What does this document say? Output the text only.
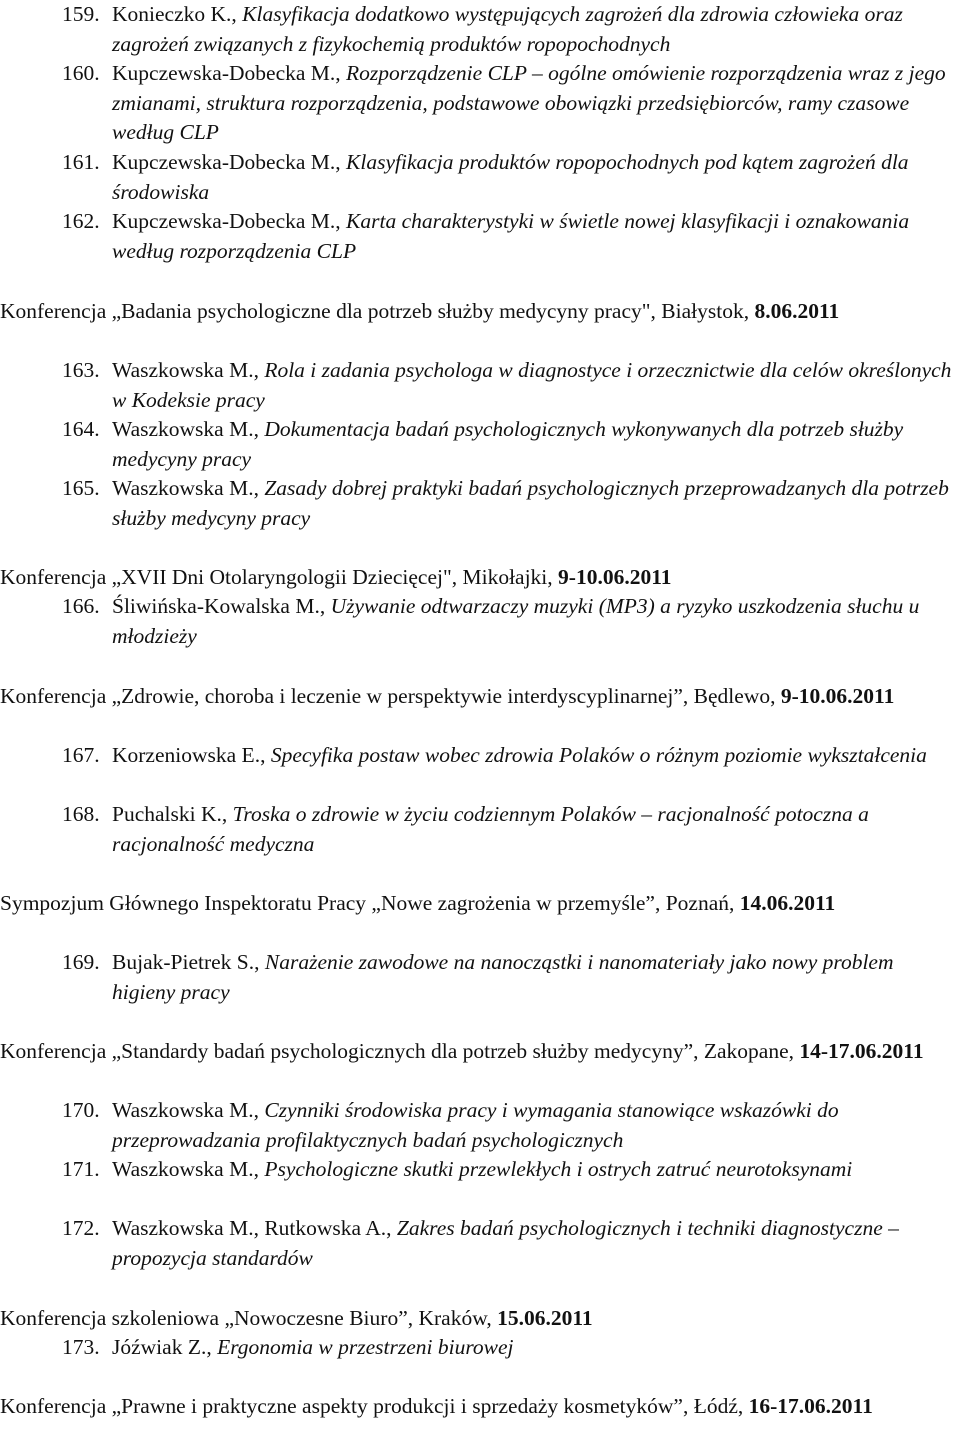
159. Konieczko K., Klasyfikacja dodatkowo występujących zagrożeń dla zdrowia człowieka oraz zagrożeń związanych z fizykochemią produktów ropopochodnych
160. Kupczewska-Dobecka M., Rozporządzenie CLP – ogólne omówienie rozporządzenia wraz z jego zmianami, struktura rozporządzenia, podstawowe obowiązki przedsiębiorców, ramy czasowe według CLP
161. Kupczewska-Dobecka M., Klasyfikacja produktów ropopochodnych pod kątem zagrożeń dla środowiska
162. Kupczewska-Dobecka M., Karta charakterystyki w świetle nowej klasyfikacji i oznakowania według rozporządzenia CLP
Konferencja „Badania psychologiczne dla potrzeb służby medycyny pracy", Białystok, 8.06.2011
163. Waszkowska M., Rola i zadania psychologa w diagnostyce i orzecznictwie dla celów określonych w Kodeksie pracy
164. Waszkowska M., Dokumentacja badań psychologicznych wykonywanych dla potrzeb służby medycyny pracy
165. Waszkowska M., Zasady dobrej praktyki badań psychologicznych przeprowadzanych dla potrzeb służby medycyny pracy
Konferencja „XVII Dni Otolaryngologii Dziecięcej", Mikołajki, 9-10.06.2011
166. Śliwińska-Kowalska M., Używanie odtwarzaczy muzyki (MP3) a ryzyko uszkodzenia słuchu u młodzieży
Konferencja „Zdrowie, choroba i leczenie w perspektywie interdyscyplinarnej”, Będlewo, 9-10.06.2011
167. Korzeniowska E., Specyfika postaw wobec zdrowia Polaków o różnym poziomie wykształcenia
168. Puchalski K., Troska o zdrowie w życiu codziennym Polaków – racjonalność potoczna a racjonalność medyczna
Sympozjum Głównego Inspektoratu Pracy „Nowe zagrożenia w przemyśle”, Poznań, 14.06.2011
169. Bujak-Pietrek S., Narażenie zawodowe na nanocząstki i nanomateriały jako nowy problem higieny pracy
Konferencja „Standardy badań psychologicznych dla potrzeb służby medycyny”, Zakopane, 14-17.06.2011
170. Waszkowska M., Czynniki środowiska pracy i wymagania stanowiące wskazówki do przeprowadzania profilaktycznych badań psychologicznych
171. Waszkowska M., Psychologiczne skutki przewlekłych i ostrych zatruć neurotoksynami
172. Waszkowska M., Rutkowska A., Zakres badań psychologicznych i techniki diagnostyczne – propozycja standardów
Konferencja szkoleniowa „Nowoczesne Biuro”, Kraków, 15.06.2011
173. Jóźwiak Z., Ergonomia w przestrzeni biurowej
Konferencja „Prawne i praktyczne aspekty produkcji i sprzedaży kosmetyków”, Łódź, 16-17.06.2011
